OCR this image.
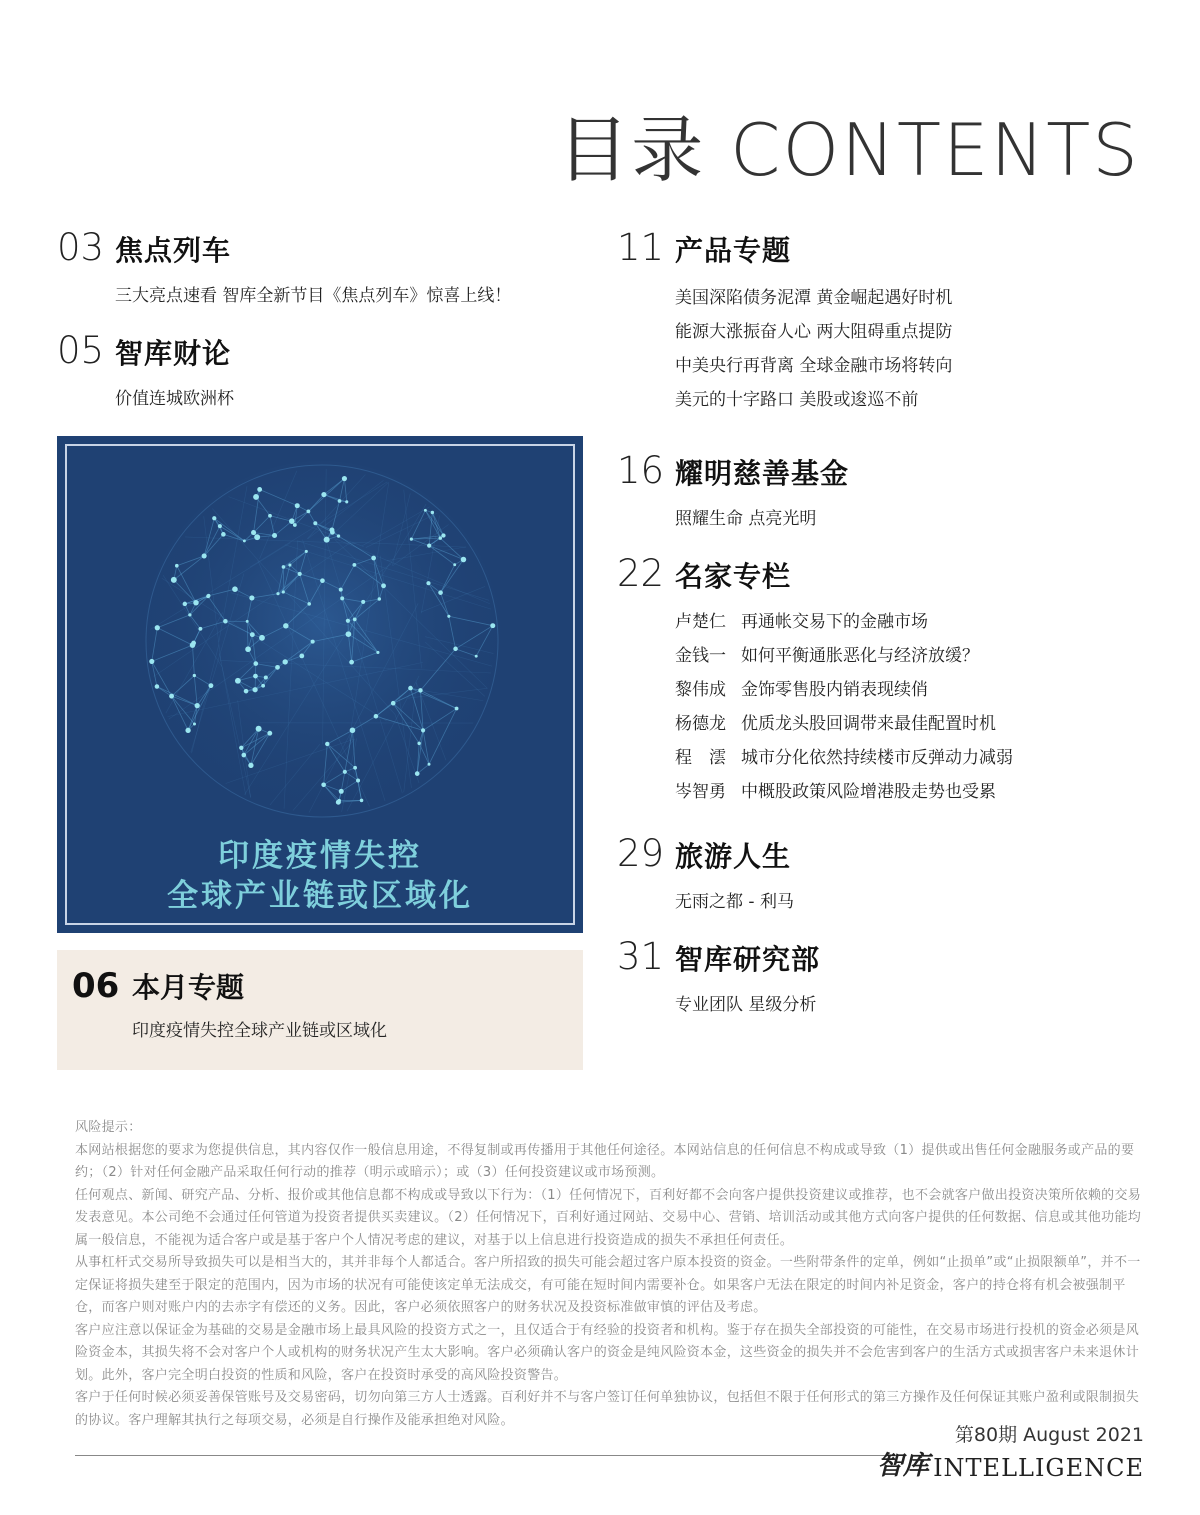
目录 CONTENTS
03 焦点列车
三大亮点速看 智库全新节目《焦点列车》惊喜上线！
05 智库财论
价值连城欧洲杯
印度疫情失控
全球产业链或区域化
06 本月专题
印度疫情失控全球产业链或区域化
11 产品专题
美国深陷债务泥潭 黄金崛起遇好时机
能源大涨振奋人心 两大阻碍重点提防
中美央行再背离 全球金融市场将转向
美元的十字路口 美股或逡巡不前
16 耀明慈善基金
照耀生命 点亮光明
22 名家专栏
卢楚仁 再通帐交易下的金融市场
金钱一 如何平衡通胀恶化与经济放缓？
黎伟成 金饰零售股内销表现续俏
杨德龙 优质龙头股回调带来最佳配置时机
程　澐 城市分化依然持续楼市反弹动力减弱
岑智勇 中概股政策风险增港股走势也受累
29 旅游人生
无雨之都 - 利马
31 智库研究部
专业团队 星级分析

风险提示：

本网站根据您的要求为您提供信息，其内容仅作一般信息用途，不得复制或再传播用于其他任何途径。本网站信息的任何信息不构成或导致（1）提供或出售任何金融服务或产品的要约；（2）针对任何金融产品采取任何行动的推荐（明示或暗示）；或（3）任何投资建议或市场预测。

任何观点、新闻、研究产品、分析、报价或其他信息都不构成或导致以下行为：（1）任何情况下，百利好都不会向客户提供投资建议或推荐，也不会就客户做出投资决策所依赖的交易发表意见。本公司绝不会通过任何管道为投资者提供买卖建议。（2）任何情况下，百利好通过网站、交易中心、营销、培训活动或其他方式向客户提供的任何数据、信息或其他功能均属一般信息，不能视为适合客户或是基于客户个人情况考虑的建议，对基于以上信息进行投资造成的损失不承担任何责任。

从事杠杆式交易所导致损失可以是相当大的，其并非每个人都适合。客户所招致的损失可能会超过客户原本投资的资金。一些附带条件的定单，例如“止损单”或“止损限额单”，并不一定保证将损失建至于限定的范围内，因为市场的状况有可能使该定单无法成交，有可能在短时间内需要补仓。如果客户无法在限定的时间内补足资金，客户的持仓将有机会被强制平仓，而客户则对账户内的去赤字有偿还的义务。因此，客户必须依照客户的财务状况及投资标准做审慎的评估及考虑。

客户应注意以保证金为基础的交易是金融市场上最具风险的投资方式之一，且仅适合于有经验的投资者和机构。鉴于存在损失全部投资的可能性，在交易市场进行投机的资金必须是风险资金本，其损失将不会对客户个人或机构的财务状况产生太大影响。客户必须确认客户的资金是纯风险资本金，这些资金的损失并不会危害到客户的生活方式或损害客户未来退休计划。此外，客户完全明白投资的性质和风险，客户在投资时承受的高风险投资警告。

客户于任何时候必须妥善保管账号及交易密码，切勿向第三方人士透露。百利好并不与客户签订任何单独协议，包括但不限于任何形式的第三方操作及任何保证其账户盈利或限制损失的协议。客户理解其执行之每项交易，必须是自行操作及能承担绝对风险。

第80期 August 2021
智库 INTELLIGENCE
